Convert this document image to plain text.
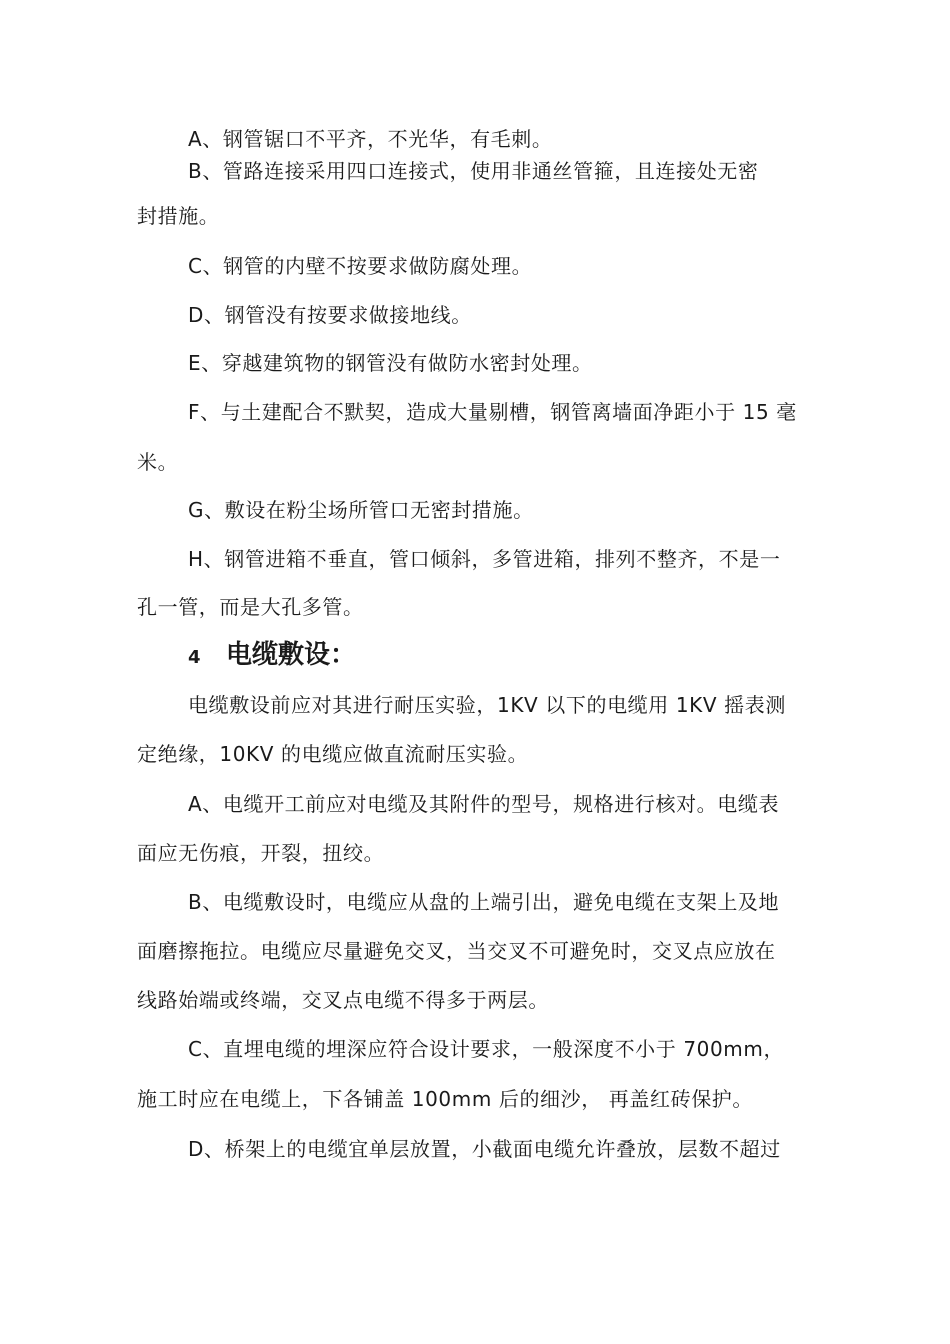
A、钢管锯口不平齐，不光华，有毛刺。
B、管路连接采用四口连接式，使用非通丝管箍，且连接处无密
封措施。
C、钢管的内壁不按要求做防腐处理。
D、钢管没有按要求做接地线。
E、穿越建筑物的钢管没有做防水密封处理。
F、与土建配合不默契，造成大量剔槽，钢管离墙面净距小于 15 毫
米。
G、敷设在粉尘场所管口无密封措施。
H、钢管进箱不垂直，管口倾斜，多管进箱，排列不整齐，不是一
孔一管，而是大孔多管。
4 电缆敷设：
电缆敷设前应对其进行耐压实验，1KV 以下的电缆用 1KV 摇表测
定绝缘，10KV 的电缆应做直流耐压实验。
A、电缆开工前应对电缆及其附件的型号，规格进行核对。电缆表
面应无伤痕，开裂，扭绞。
B、电缆敷设时，电缆应从盘的上端引出，避免电缆在支架上及地
面磨擦拖拉。电缆应尽量避免交叉，当交叉不可避免时，交叉点应放在
线路始端或终端，交叉点电缆不得多于两层。
C、直埋电缆的埋深应符合设计要求，一般深度不小于 700mm，
施工时应在电缆上，下各铺盖 100mm 后的细沙， 再盖红砖保护。
D、桥架上的电缆宜单层放置，小截面电缆允许叠放，层数不超过
